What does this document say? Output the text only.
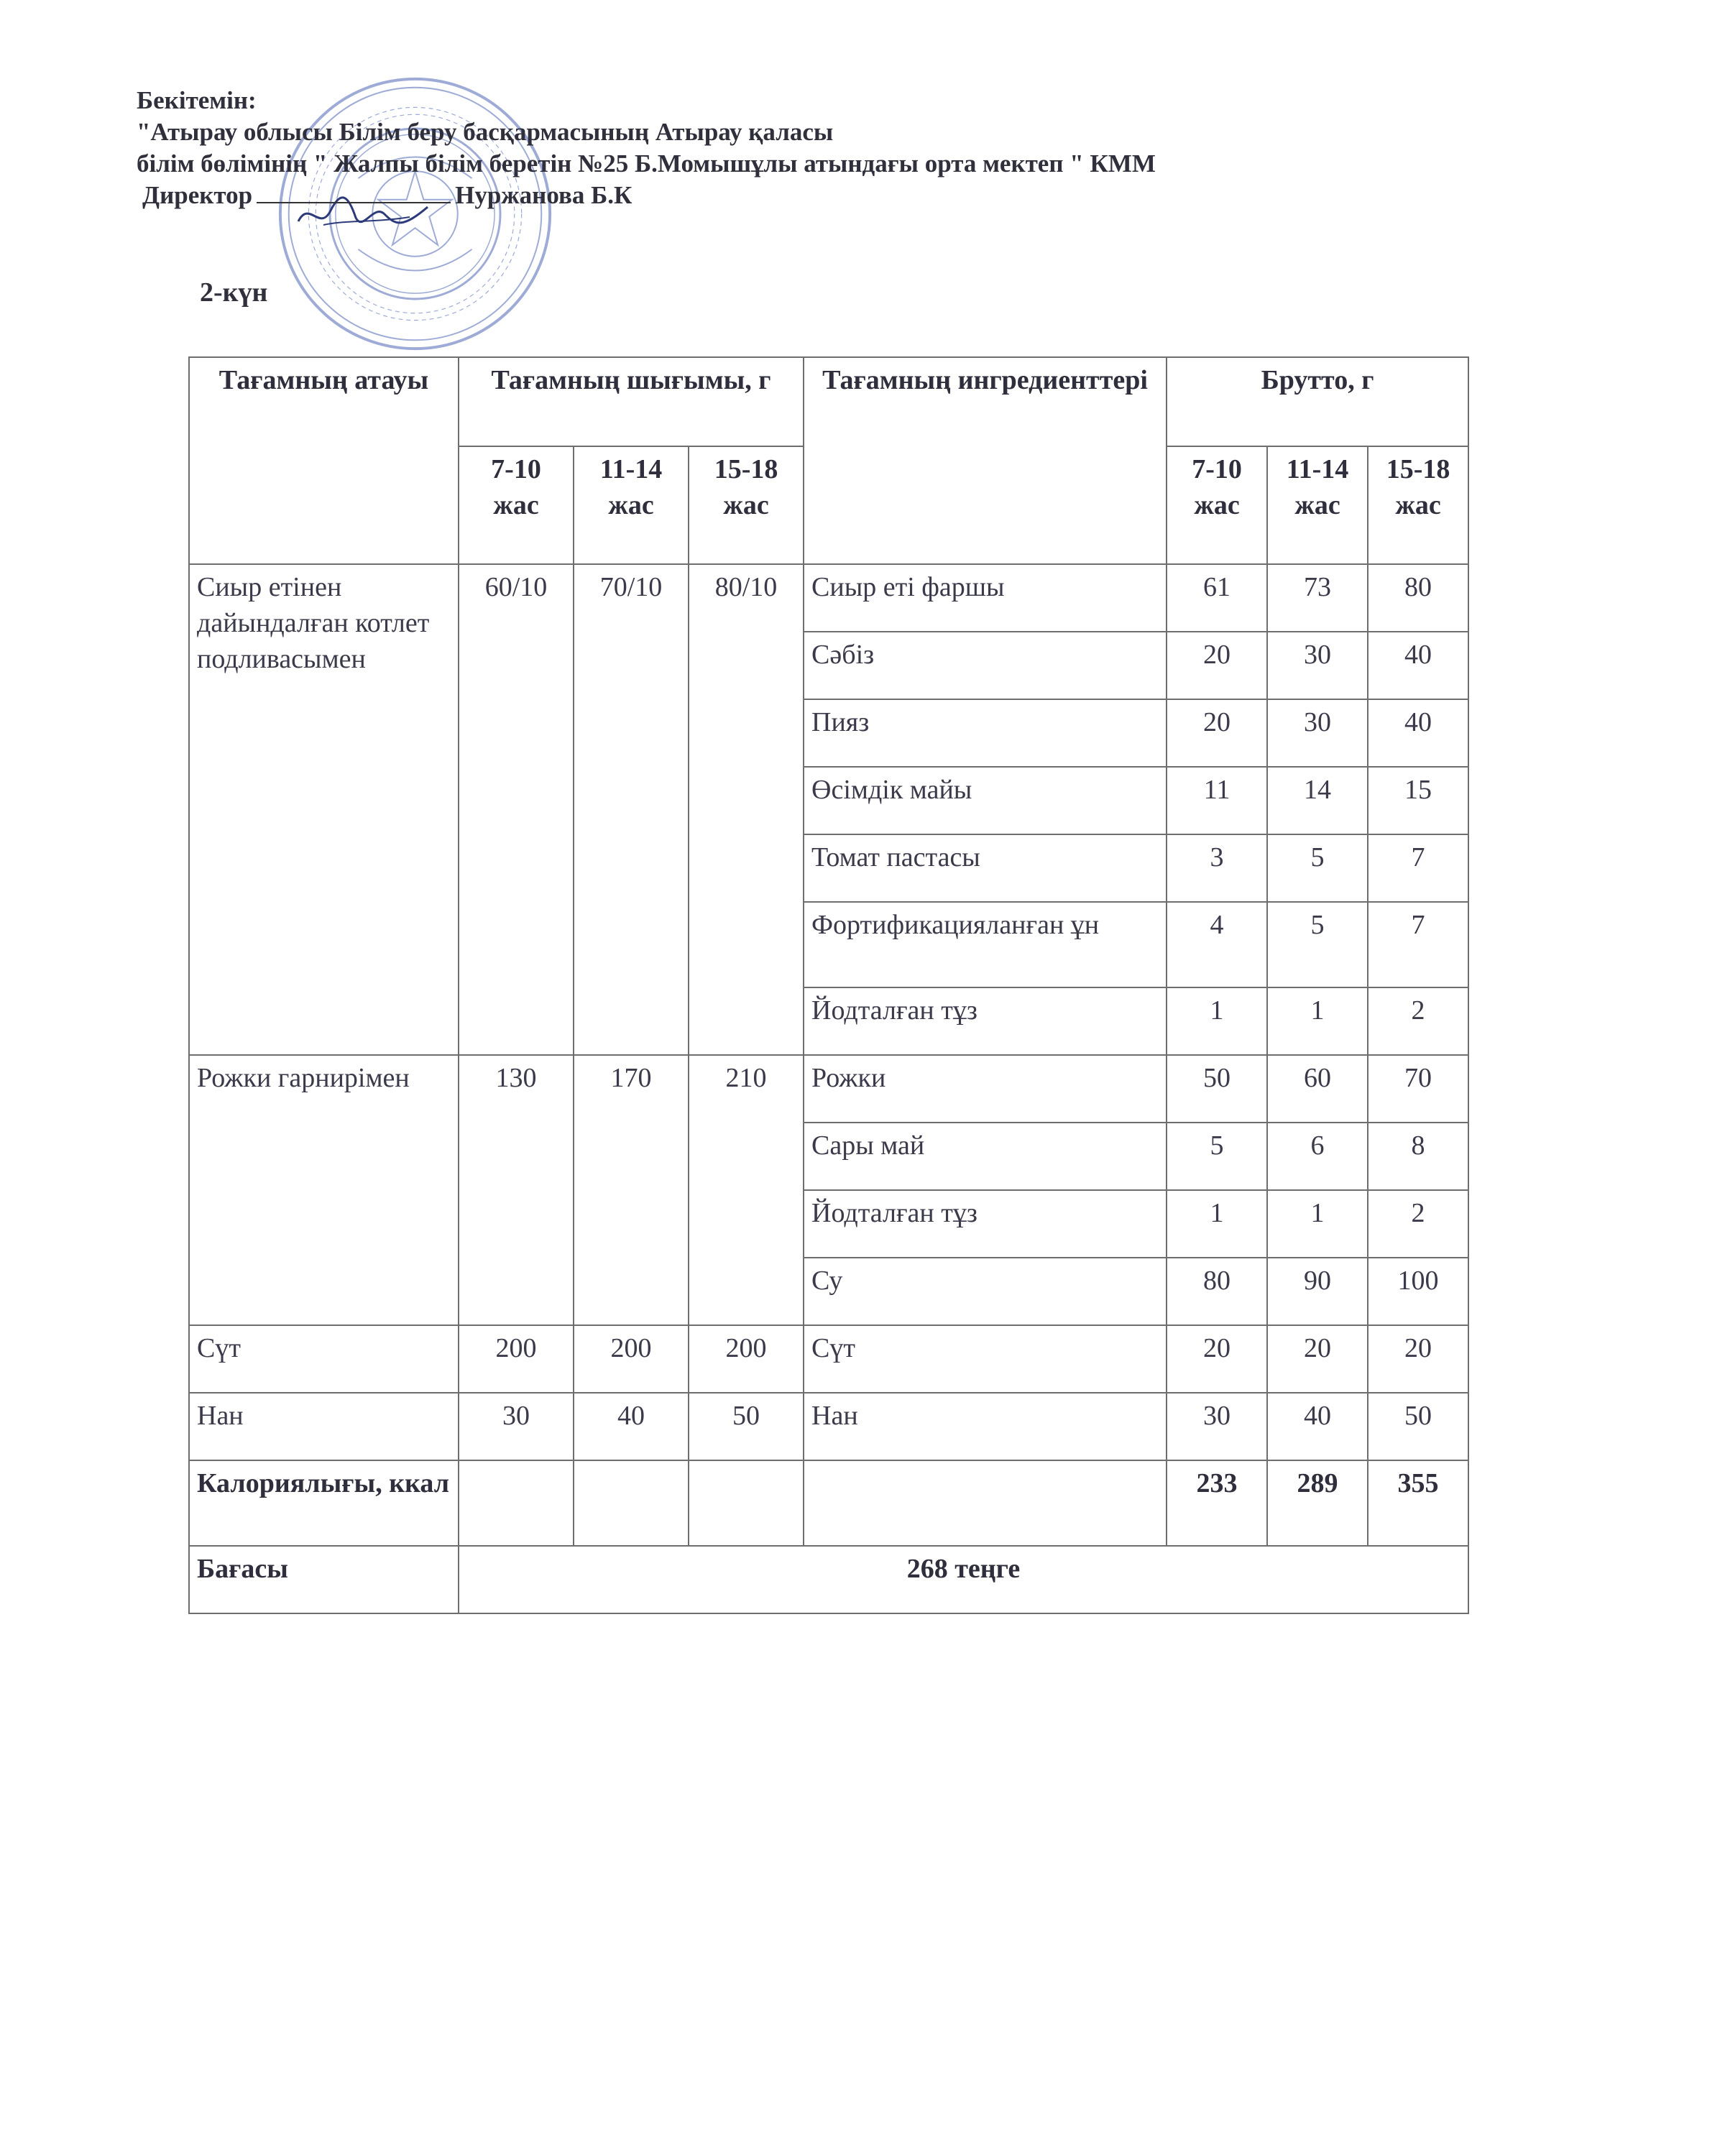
Бекітемін:
"Атырау облысы Білім беру басқармасының Атырау қаласы
білім бөлімінің " Жалпы білім беретін №25 Б.Момышұлы атындағы орта мектеп " КММ
Директор	Нуржанова Б.К
2-күн
Тағамның атауы	Тағамның шығымы, г			Тағамның ингредиенттері	Брутто, г		
	7-10 жас	11-14 жас	15-18 жас		7-10 жас	11-14 жас	15-18 жас
Сиыр етінен дайындалған котлет подливасымен	60/10	70/10	80/10	Сиыр еті фаршы	61	73	80
				Сәбіз	20	30	40
				Пияз	20	30	40
				Өсімдік майы	11	14	15
				Томат пастасы	3	5	7
				Фортификацияланған ұн	4	5	7
				Йодталған тұз	1	1	2
Рожки гарнирімен	130	170	210	Рожки	50	60	70
				Сары май	5	6	8
				Йодталған тұз	1	1	2
				Су	80	90	100
Сүт	200	200	200	Сүт	20	20	20
Нан	30	40	50	Нан	30	40	50
Калориялығы, ккал					233	289	355
Бағасы	268 теңге						
